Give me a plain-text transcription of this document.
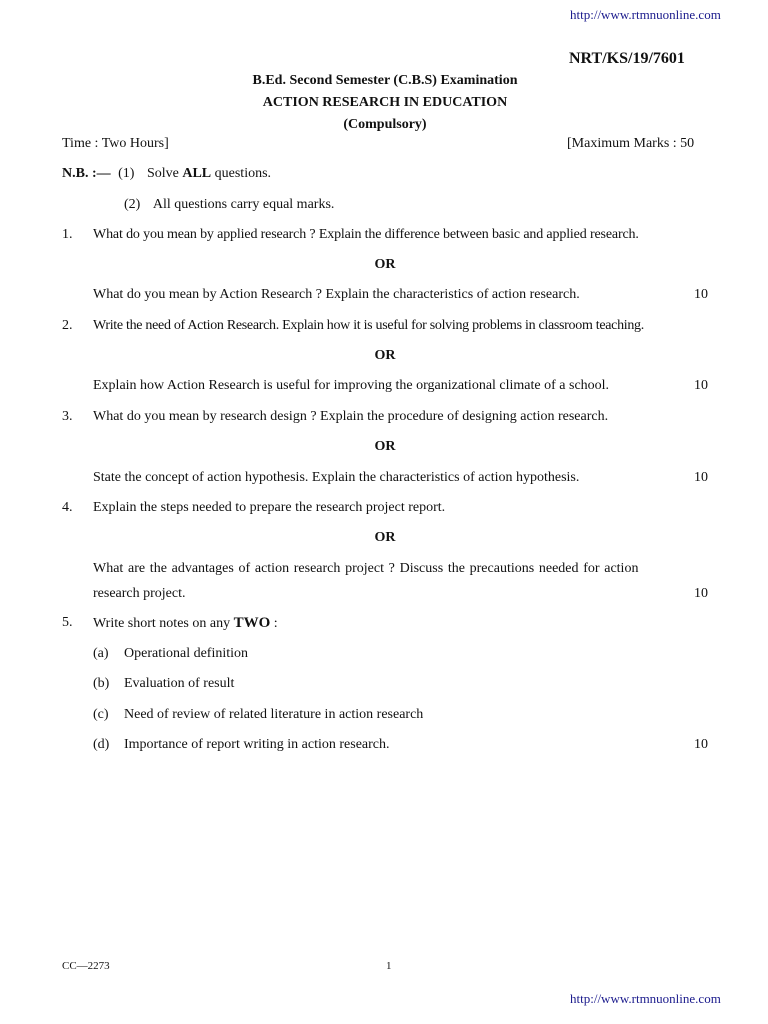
http://www.rtmnuonline.com
NRT/KS/19/7601
B.Ed. Second Semester (C.B.S) Examination
ACTION RESEARCH IN EDUCATION
(Compulsory)
Time : Two Hours]	[Maximum Marks : 50
N.B. :— (1) Solve ALL questions.
(2) All questions carry equal marks.
1. What do you mean by applied research ? Explain the difference between basic and applied research.
OR
What do you mean by Action Research ? Explain the characteristics of action research.	10
2. Write the need of Action Research. Explain how it is useful for solving problems in classroom teaching.
OR
Explain how Action Research is useful for improving the organizational climate of a school.	10
3. What do you mean by research design ? Explain the procedure of designing action research.
OR
State the concept of action hypothesis. Explain the characteristics of action hypothesis.	10
4. Explain the steps needed to prepare the research project report.
OR
What are the advantages of action research project ? Discuss the precautions needed for action
research project.	10
5. Write short notes on any TWO :
(a) Operational definition
(b) Evaluation of result
(c) Need of review of related literature in action research
(d) Importance of report writing in action research.	10
CC—2273	1
http://www.rtmnuonline.com
